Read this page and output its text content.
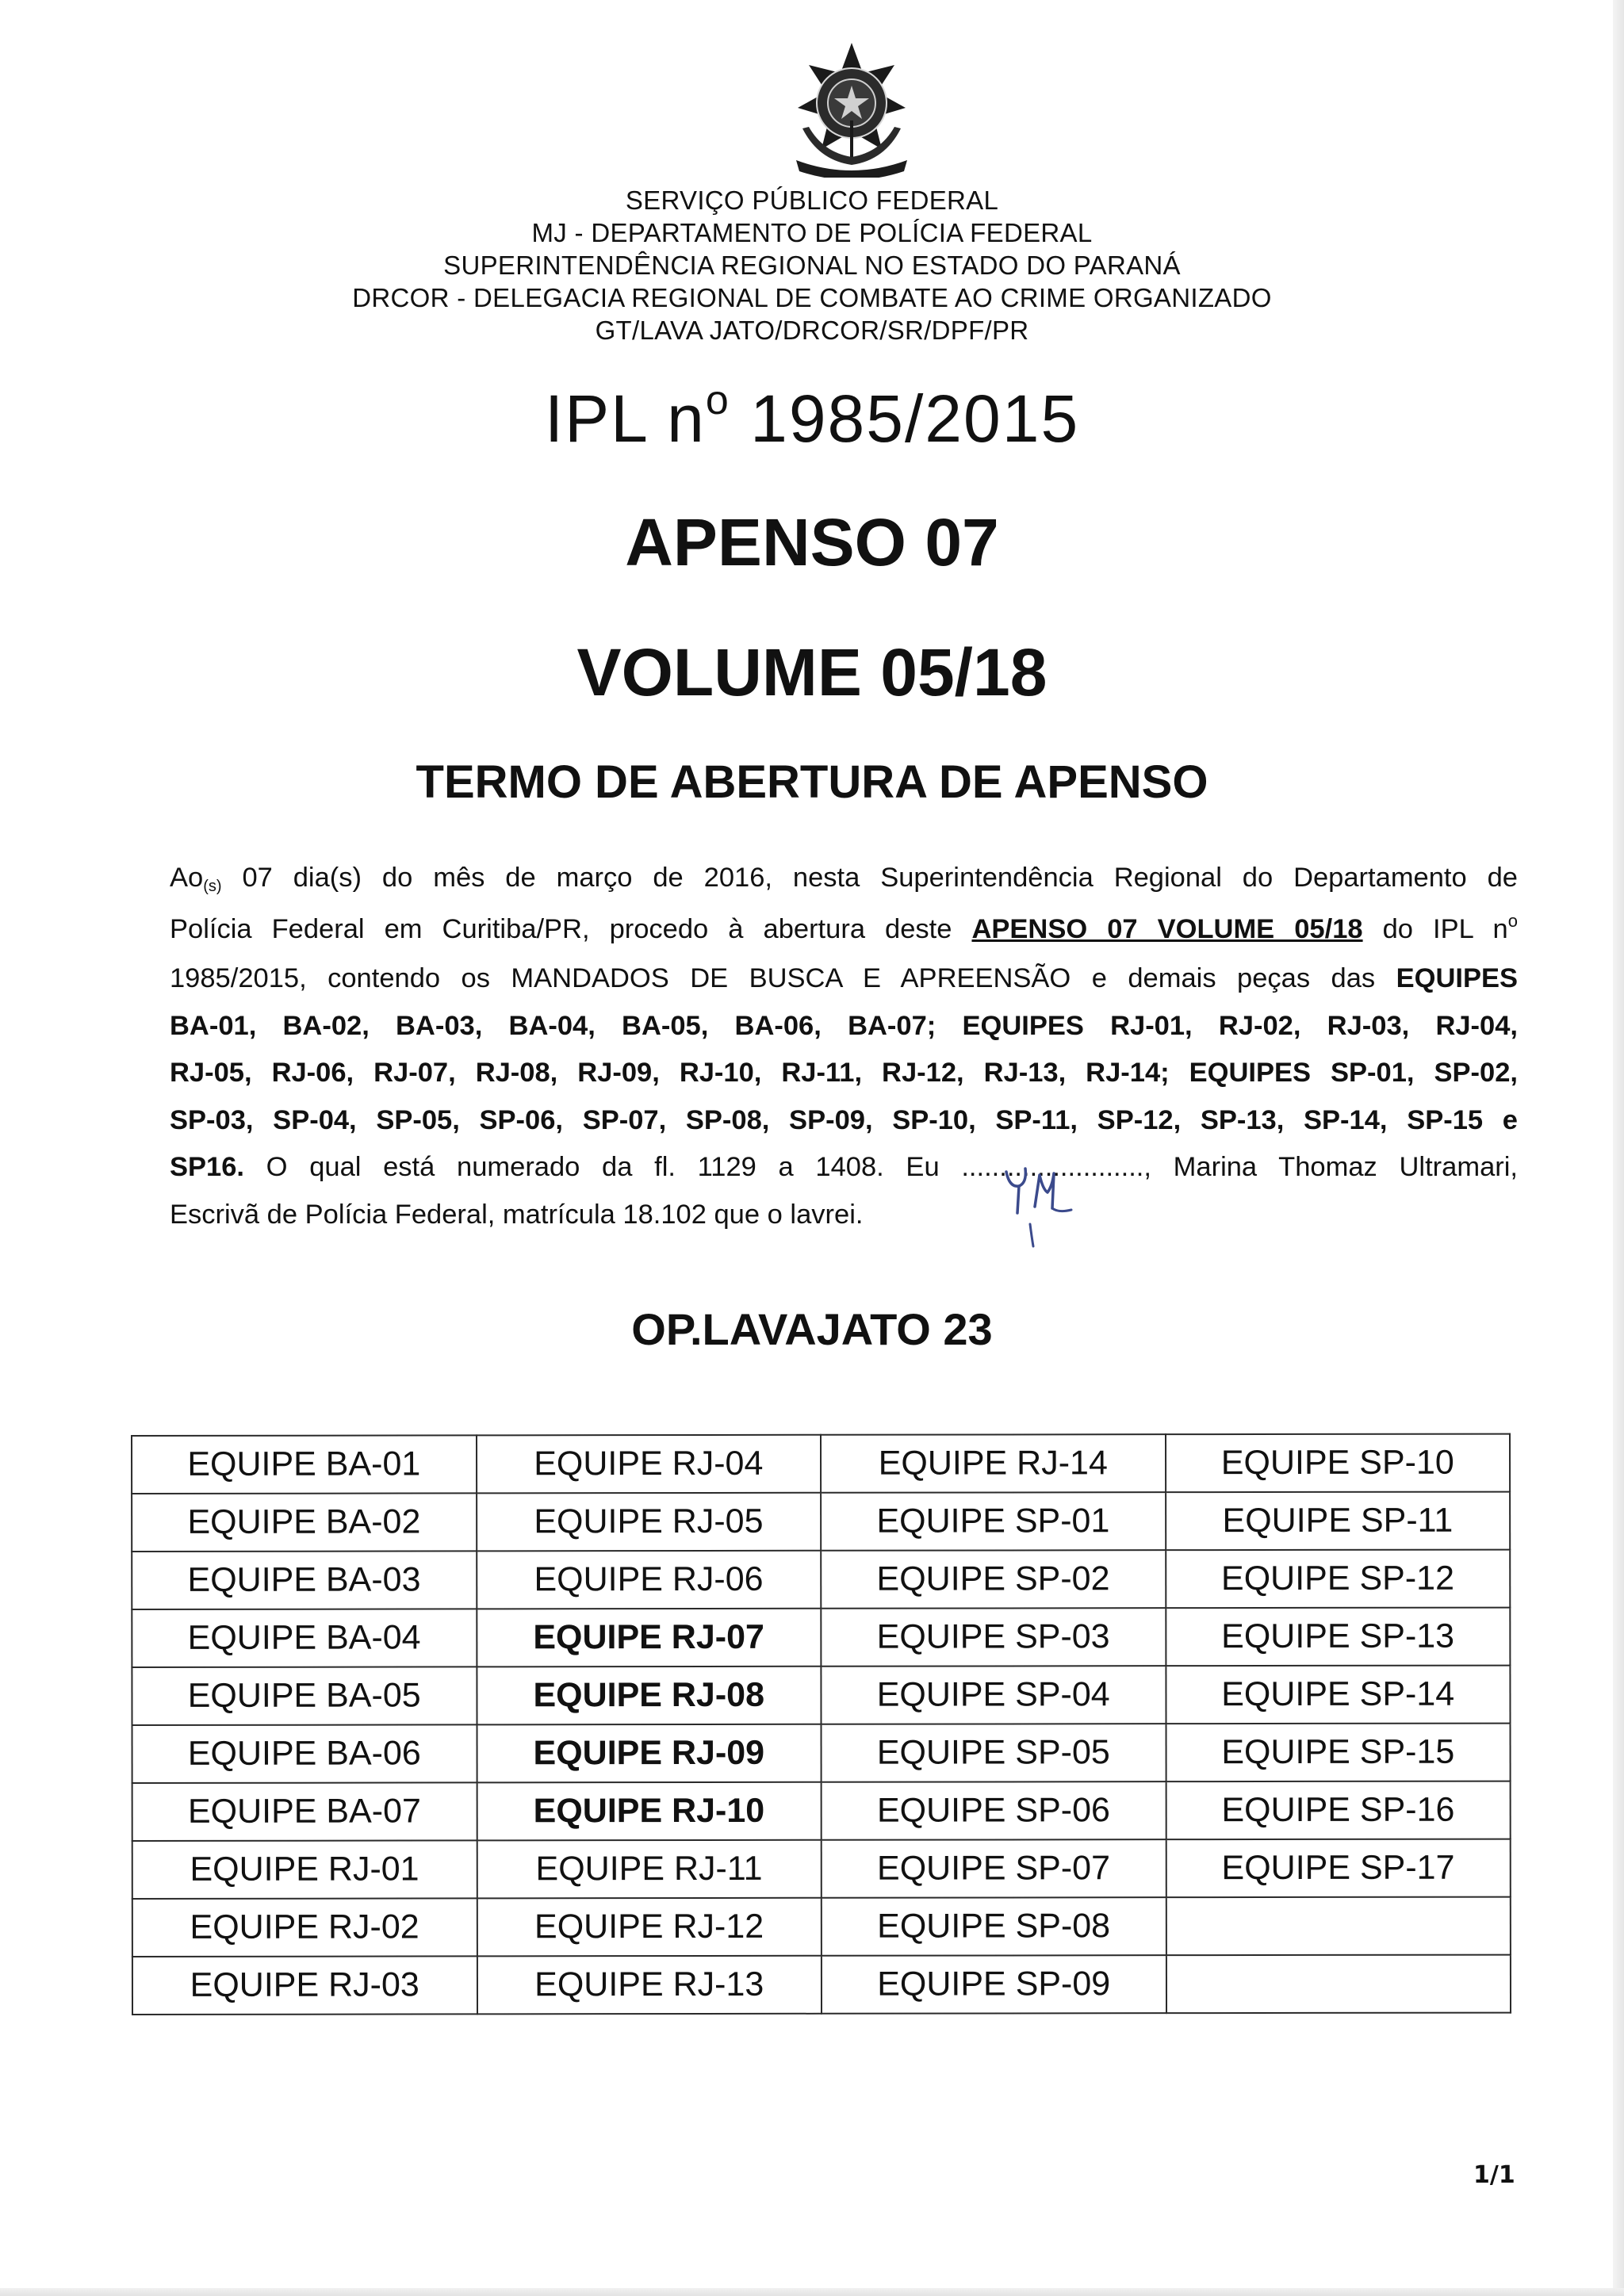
SERVIÇO PÚBLICO FEDERAL
MJ - DEPARTAMENTO DE POLÍCIA FEDERAL
SUPERINTENDÊNCIA REGIONAL NO ESTADO DO PARANÁ
DRCOR - DELEGACIA REGIONAL DE COMBATE AO CRIME ORGANIZADO
GT/LAVA JATO/DRCOR/SR/DPF/PR
IPL $n^o$ 1985/2015
APENSO 07
VOLUME 05/18
TERMO DE ABERTURA DE APENSO
Ao(s) 07 dia(s) do mês de março de 2016, nesta Superintendência Regional do Departamento de
Polícia Federal em Curitiba/PR, procedo à abertura deste APENSO 07 VOLUME 05/18 do IPL $n^o$
1985/2015, contendo os MANDADOS DE BUSCA E APREENSÃO e demais peças das EQUIPES
BA-01, BA-02, BA-03, BA-04, BA-05, BA-06, BA-07; EQUIPES RJ-01, RJ-02, RJ-03, RJ-04,
RJ-05, RJ-06, RJ-07, RJ-08, RJ-09, RJ-10, RJ-11, RJ-12, RJ-13, RJ-14; EQUIPES SP-01, SP-02,
SP-03, SP-04, SP-05, SP-06, SP-07, SP-08, SP-09, SP-10, SP-11, SP-12, SP-13, SP-14, SP-15 e
SP16. O qual está numerado da fl. 1129 a 1408. Eu ........................, Marina Thomaz Ultramari,
Escrivã de Polícia Federal, matrícula 18.102 que o lavrei.
OP.LAVAJATO 23
EQUIPE BA-01	EQUIPE RJ-04	EQUIPE RJ-14	EQUIPE SP-10
EQUIPE BA-02	EQUIPE RJ-05	EQUIPE SP-01	EQUIPE SP-11
EQUIPE BA-03	EQUIPE RJ-06	EQUIPE SP-02	EQUIPE SP-12
EQUIPE BA-04	EQUIPE RJ-07	EQUIPE SP-03	EQUIPE SP-13
EQUIPE BA-05	EQUIPE RJ-08	EQUIPE SP-04	EQUIPE SP-14
EQUIPE BA-06	EQUIPE RJ-09	EQUIPE SP-05	EQUIPE SP-15
EQUIPE BA-07	EQUIPE RJ-10	EQUIPE SP-06	EQUIPE SP-16
EQUIPE RJ-01	EQUIPE RJ-11	EQUIPE SP-07	EQUIPE SP-17
EQUIPE RJ-02	EQUIPE RJ-12	EQUIPE SP-08	
EQUIPE RJ-03	EQUIPE RJ-13	EQUIPE SP-09	
1/1
